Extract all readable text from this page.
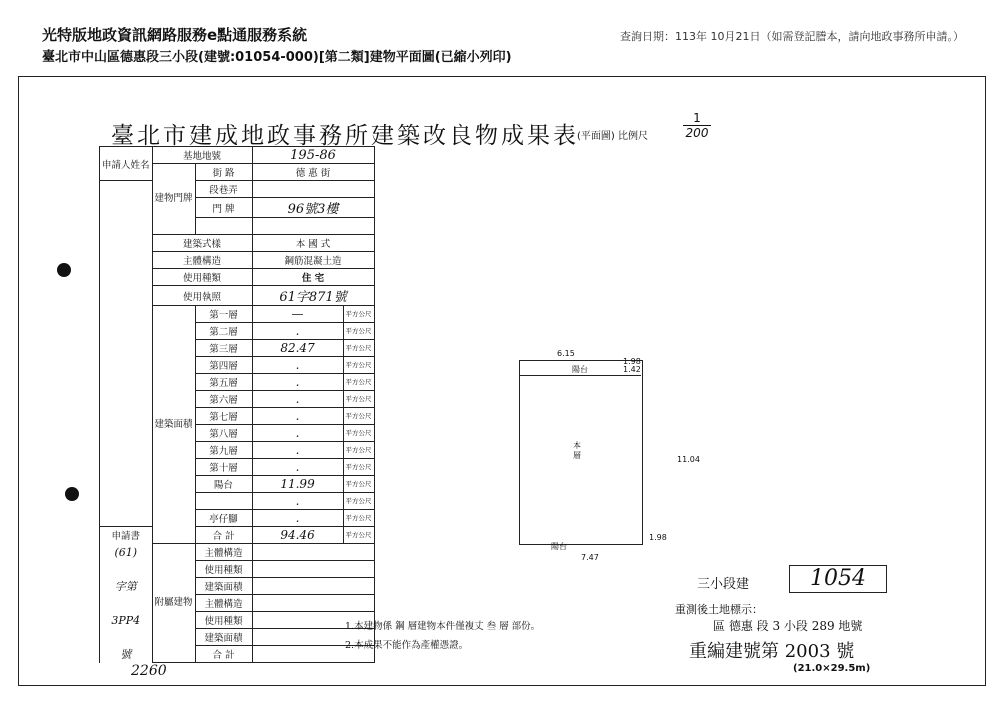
光特版地政資訊網路服務e點通服務系統
臺北市中山區德惠段三小段(建號:01054-000)[第二類]建物平面圖(已縮小列印)
查詢日期：113年 10月21日（如需登記謄本，請向地政事務所申請。）
臺北市建成地政事務所建築改良物成果表
(平面圖) 比例尺	$\frac{1}{200}$
申請人姓名	基地地號		195-86	
	建物門牌	街 路	德 惠 街	
		段巷弄		
		門 牌	96號3樓	

	建築式樣		本 國 式	
	主體構造		鋼筋混凝土造	
	使用種類		住 宅	
	使用執照		61字871號	
	建築面積	第一層	—	平方公尺
		第二層	.	平方公尺
		第三層	82.47	平方公尺
		第四層	.	平方公尺
		第五層	.	平方公尺
		第六層	.	平方公尺
		第七層	.	平方公尺
		第八層	.	平方公尺
		第九層	.	平方公尺
		第十層	.	平方公尺
		陽台	11.99	平方公尺
			.	平方公尺
		亭仔腳	.	平方公尺
申請書		合 計	94.46	平方公尺
(61)	附屬建物	主體構造		
		使用種類		
字第		建築面積		
		主體構造		
3PP4		使用種類		
		建築面積		
號		合 計		
2260
陽台
6.15
1.98
1.42
本層	11.04
陽台
7.47
1.98
1.本建物係 鋼 層建物本件僅複丈 叁 層 部份。
2.本成果不能作為產權憑證。
三小段建	1054
重測後土地標示：
區 德惠 段 3 小段 289 地號
重編建號第 2003 號
(21.0×29.5m)
